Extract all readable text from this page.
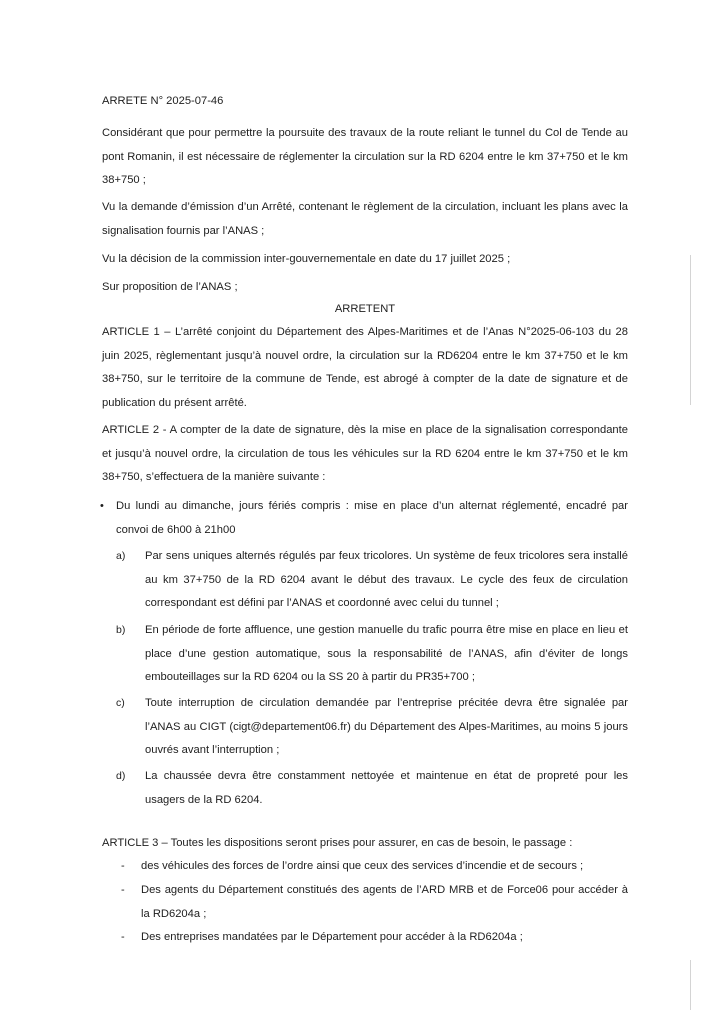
ARRETE N° 2025-07-46
Considérant que pour permettre la poursuite des travaux de la route reliant le tunnel du Col de Tende au pont Romanin, il est nécessaire de réglementer la circulation sur la RD 6204 entre le km 37+750 et le km 38+750 ;
Vu la demande d’émission d’un Arrêté, contenant le règlement de la circulation, incluant les plans avec la signalisation fournis par l’ANAS ;
Vu la décision de la commission inter-gouvernementale en date du 17 juillet 2025 ;
Sur proposition de l’ANAS ;
ARRETENT
ARTICLE 1 – L’arrêté conjoint du Département des Alpes-Maritimes et de l’Anas N°2025-06-103 du 28 juin 2025, règlementant jusqu’à nouvel ordre, la circulation sur la RD6204 entre le km 37+750 et le km 38+750, sur le territoire de la commune de Tende, est abrogé à compter de la date de signature et de publication du présent arrêté.
ARTICLE 2 - A compter de la date de signature, dès la mise en place de la signalisation correspondante et jusqu’à nouvel ordre, la circulation de tous les véhicules sur la RD 6204 entre le km 37+750 et le km 38+750, s’effectuera de la manière suivante :
• Du lundi au dimanche, jours fériés compris : mise en place d’un alternat réglementé, encadré par convoi de 6h00 à 21h00
a) Par sens uniques alternés régulés par feux tricolores. Un système de feux tricolores sera installé au km 37+750 de la RD 6204 avant le début des travaux. Le cycle des feux de circulation correspondant est défini par l’ANAS et coordonné avec celui du tunnel ;
b) En période de forte affluence, une gestion manuelle du trafic pourra être mise en place en lieu et place d’une gestion automatique, sous la responsabilité de l’ANAS, afin d’éviter de longs embouteillages sur la RD 6204 ou la SS 20 à partir du PR35+700 ;
c) Toute interruption de circulation demandée par l’entreprise précitée devra être signalée par l’ANAS au CIGT (cigt@departement06.fr) du Département des Alpes-Maritimes, au moins 5 jours ouvrés avant l’interruption ;
d) La chaussée devra être constamment nettoyée et maintenue en état de propreté pour les usagers de la RD 6204.
ARTICLE 3 – Toutes les dispositions seront prises pour assurer, en cas de besoin, le passage :
- des véhicules des forces de l’ordre ainsi que ceux des services d’incendie et de secours ;
- Des agents du Département constitués des agents de l’ARD MRB et de Force06 pour accéder à la RD6204a ;
- Des entreprises mandatées par le Département pour accéder à la RD6204a ;
